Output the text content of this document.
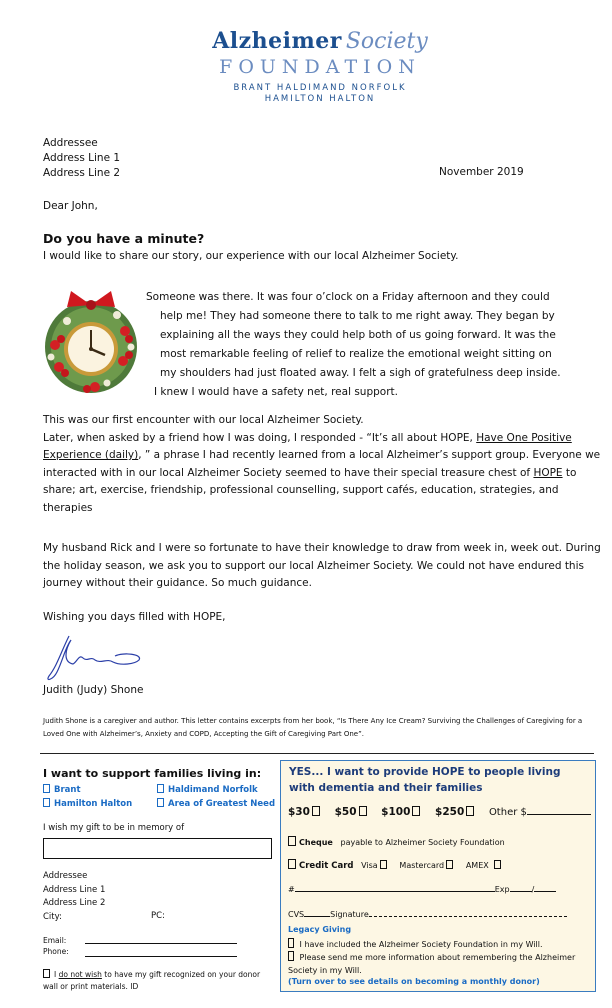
Alzheimer Society
FOUNDATION
BRANT HALDIMAND NORFOLK
HAMILTON HALTON
Addressee
Address Line 1
Address Line 2	November 2019
Dear John,
Do you have a minute?
I would like to share our story, our experience with our local Alzheimer Society.
Someone was there. It was four o’clock on a Friday afternoon and they could
help me! They had someone there to talk to me right away. They began by
explaining all the ways they could help both of us going forward. It was the
most remarkable feeling of relief to realize the emotional weight sitting on
my shoulders had just floated away. I felt a sigh of gratefulness deep inside.
I knew I would have a safety net, real support.
This was our first encounter with our local Alzheimer Society.
Later, when asked by a friend how I was doing, I responded - “It’s all about HOPE, Have One Positive Experience (daily), ” a phrase I had recently learned from a local Alzheimer’s support group. Everyone we interacted with in our local Alzheimer Society seemed to have their special treasure chest of HOPE to share; art, exercise, friendship, professional counselling, support cafés, education, strategies, and therapies
My husband Rick and I were so fortunate to have their knowledge to draw from week in, week out. During the holiday season, we ask you to support our local Alzheimer Society. We could not have endured this journey without their guidance. So much guidance.
Wishing you days filled with HOPE,
Judith (Judy) Shone
Judith Shone is a caregiver and author. This letter contains excerpts from her book, “Is There Any Ice Cream? Surviving the Challenges of Caregiving for a Loved One with Alzheimer’s, Anxiety and COPD, Accepting the Gift of Caregiving Part One”.
I want to support families living in:
Brant	Haldimand Norfolk
Hamilton Halton	Area of Greatest Need
I wish my gift to be in memory of
Addressee
Address Line 1
Address Line 2
City:	PC:
Email:
Phone:
I do not wish to have my gift recognized on your donor wall or print materials. ID
YES... I want to provide HOPE to people living with dementia and their families
$30 $50 $100 $250 Other $
Cheque payable to Alzheimer Society Foundation
Credit Card Visa	Mastercard	AMEX
#	Exp	/
CVS	Signature
Legacy Giving
I have included the Alzheimer Society Foundation in my Will.
Please send me more information about remembering the Alzheimer Society in my Will.
(Turn over to see details on becoming a monthly donor)
